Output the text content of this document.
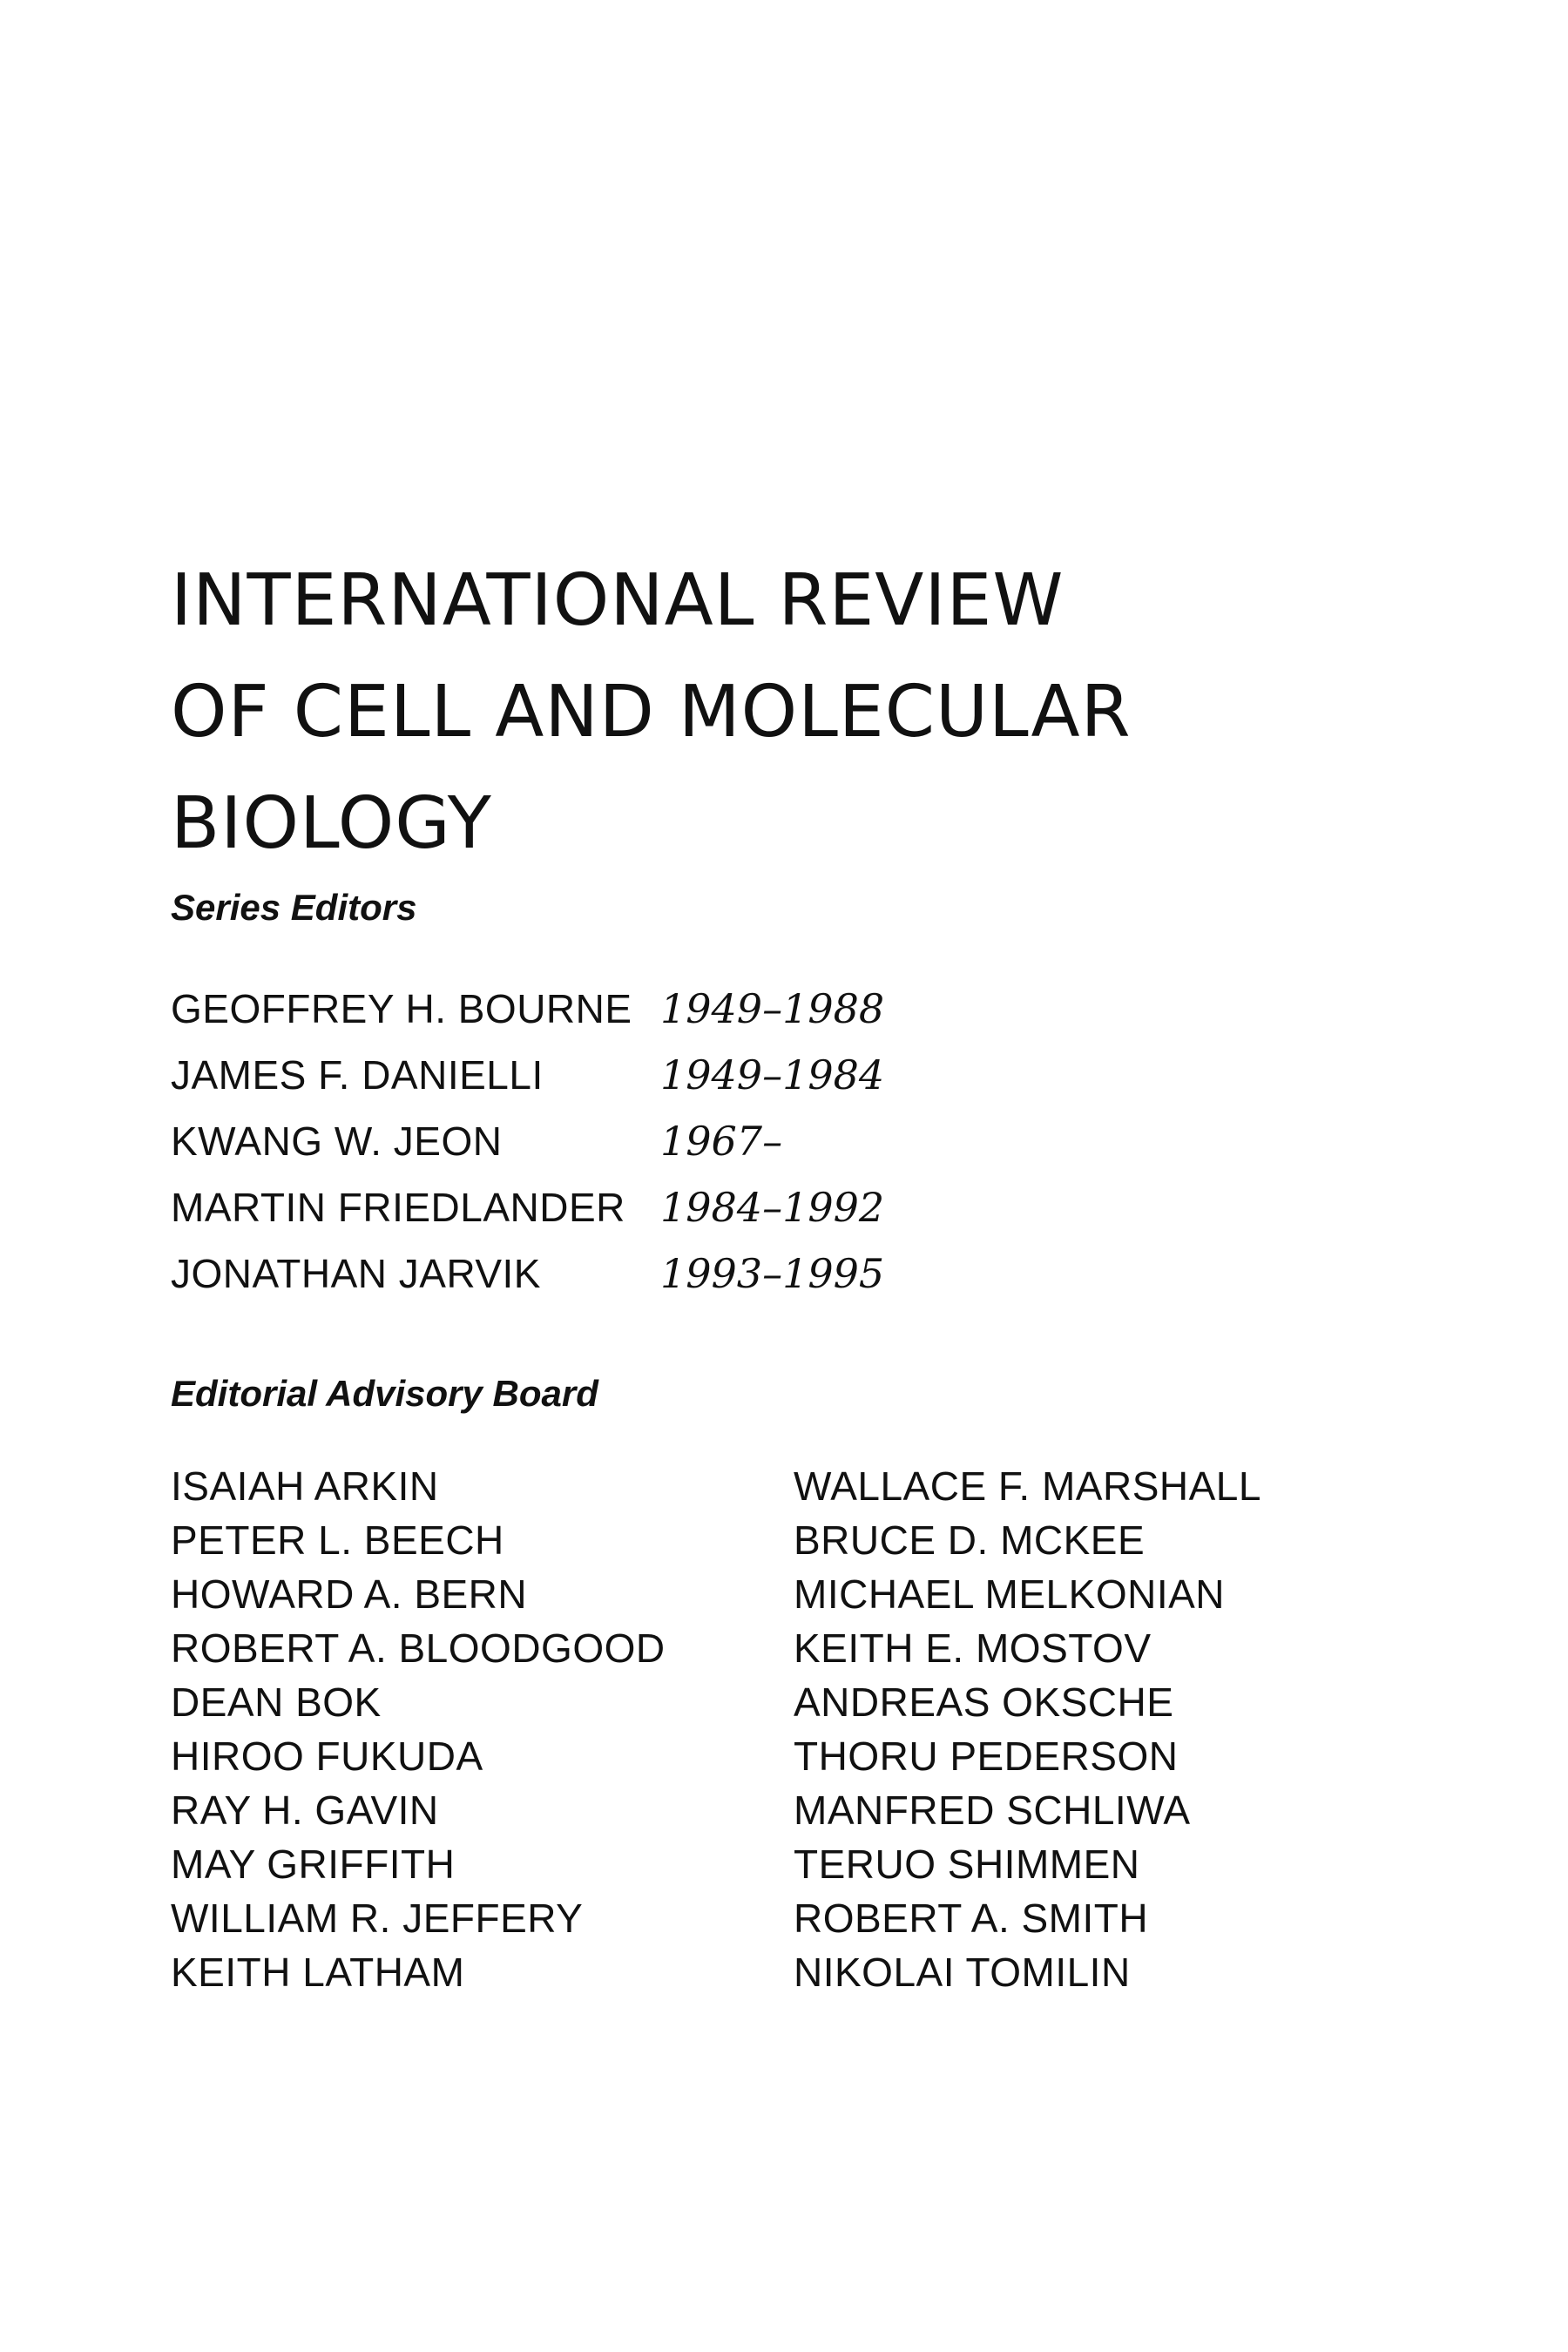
INTERNATIONAL REVIEW
OF CELL AND MOLECULAR
BIOLOGY
Series Editors
GEOFFREY H. BOURNE 1949–1988
JAMES F. DANIELLI	1949–1984
KWANG W. JEON	1967–
MARTIN FRIEDLANDER 1984–1992
JONATHAN JARVIK	1993–1995
Editorial Advisory Board
ISAIAH ARKIN
PETER L. BEECH
HOWARD A. BERN
ROBERT A. BLOODGOOD
DEAN BOK
HIROO FUKUDA
RAY H. GAVIN
MAY GRIFFITH
WILLIAM R. JEFFERY
KEITH LATHAM
WALLACE F. MARSHALL
BRUCE D. MCKEE
MICHAEL MELKONIAN
KEITH E. MOSTOV
ANDREAS OKSCHE
THORU PEDERSON
MANFRED SCHLIWA
TERUO SHIMMEN
ROBERT A. SMITH
NIKOLAI TOMILIN
